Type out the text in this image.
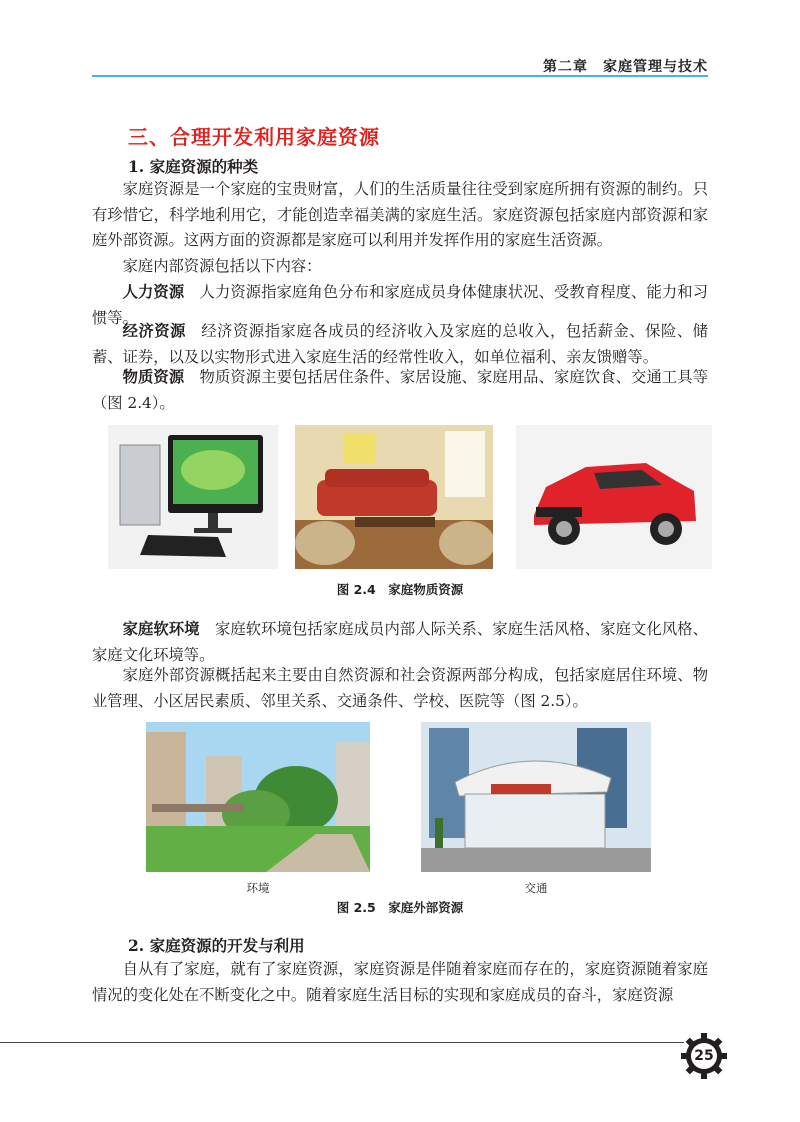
第二章　家庭管理与技术
三、合理开发利用家庭资源
1. 家庭资源的种类

家庭资源是一个家庭的宝贵财富，人们的生活质量往往受到家庭所拥有资源的制约。只有珍惜它，科学地利用它，才能创造幸福美满的家庭生活。家庭资源包括家庭内部资源和家庭外部资源。这两方面的资源都是家庭可以利用并发挥作用的家庭生活资源。

家庭内部资源包括以下内容：

人力资源 人力资源指家庭角色分布和家庭成员身体健康状况、受教育程度、能力和习惯等。

经济资源 经济资源指家庭各成员的经济收入及家庭的总收入，包括薪金、保险、储蓄、证券，以及以实物形式进入家庭生活的经常性收入，如单位福利、亲友馈赠等。

物质资源 物质资源主要包括居住条件、家居设施、家庭用品、家庭饮食、交通工具等（图 2.4）。

图 2.4　家庭物质资源

家庭软环境 家庭软环境包括家庭成员内部人际关系、家庭生活风格、家庭文化风格、家庭文化环境等。

家庭外部资源概括起来主要由自然资源和社会资源两部分构成，包括家庭居住环境、物业管理、小区居民素质、邻里关系、交通条件、学校、医院等（图 2.5）。

环境	交通
图 2.5　家庭外部资源
2. 家庭资源的开发与利用

自从有了家庭，就有了家庭资源，家庭资源是伴随着家庭而存在的，家庭资源随着家庭情况的变化处在不断变化之中。随着家庭生活目标的实现和家庭成员的奋斗，家庭资源

25
